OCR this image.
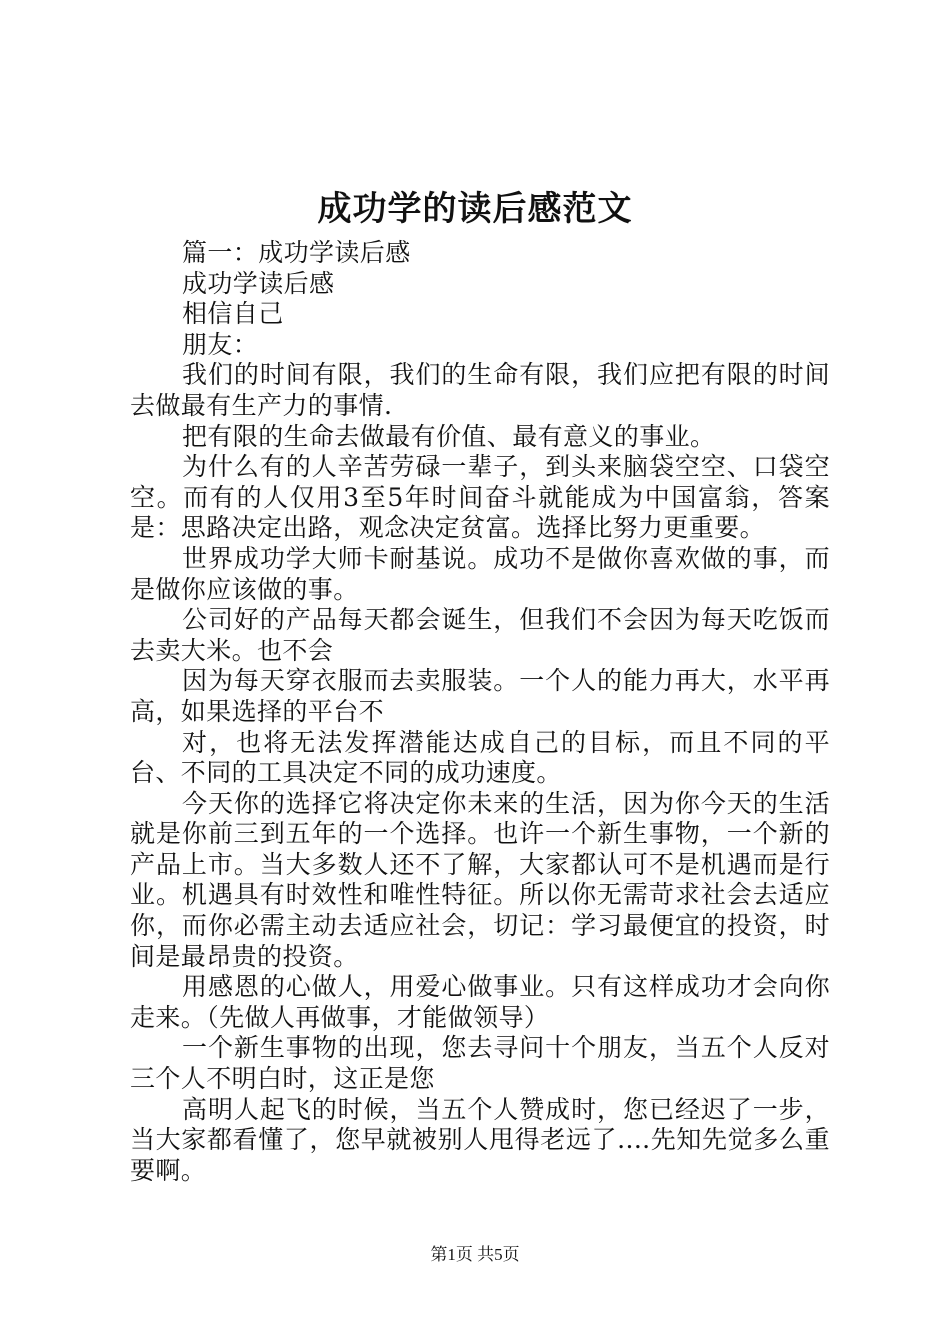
成功学的读后感范文

篇一：成功学读后感

成功学读后感

相信自己

朋友：

我们的时间有限，我们的生命有限，我们应把有限的时间去做最有生产力的事情.

把有限的生命去做最有价值、最有意义的事业。

为什么有的人辛苦劳碌一辈子，到头来脑袋空空、口袋空空。而有的人仅用3至5年时间奋斗就能成为中国富翁，答案是：思路决定出路，观念决定贫富。选择比努力更重要。

世界成功学大师卡耐基说。成功不是做你喜欢做的事，而是做你应该做的事。

公司好的产品每天都会诞生，但我们不会因为每天吃饭而去卖大米。也不会

因为每天穿衣服而去卖服装。一个人的能力再大，水平再高，如果选择的平台不

对，也将无法发挥潜能达成自己的目标，而且不同的平台、不同的工具决定不同的成功速度。

今天你的选择它将决定你未来的生活，因为你今天的生活就是你前三到五年的一个选择。也许一个新生事物，一个新的产品上市。当大多数人还不了解，大家都认可不是机遇而是行业。机遇具有时效性和唯性特征。所以你无需苛求社会去适应你，而你必需主动去适应社会，切记：学习最便宜的投资，时间是最昂贵的投资。

用感恩的心做人，用爱心做事业。只有这样成功才会向你走来。（先做人再做事，才能做领导）

一个新生事物的出现，您去寻问十个朋友，当五个人反对三个人不明白时，这正是您

高明人起飞的时候，当五个人赞成时，您已经迟了一步，当大家都看懂了，您早就被别人甩得老远了....先知先觉多么重要啊。

第1页 共5页
